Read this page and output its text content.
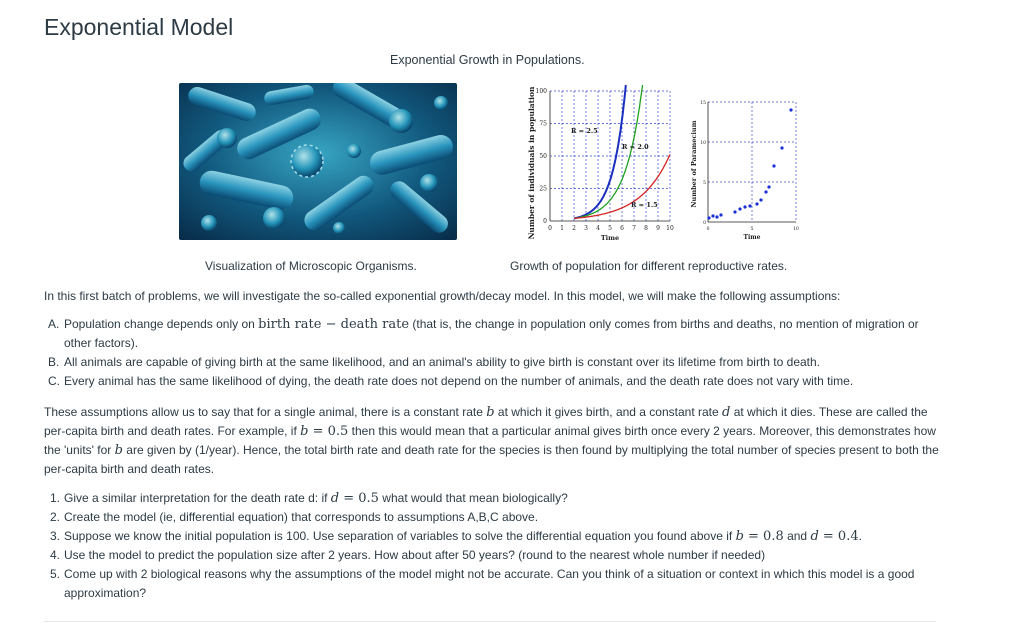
Exponential Model
Exponential Growth in Populations.
Number of individuals in population 0
25
50
75
100
0 1 2 3 4 5 6 7 8 9 10
Time
R = 2.5
R = 2.0
R = 1.5	Number of Paramecium
0
5
10
15
0	5	10
Time
Visualization of Microscopic Organisms.	Growth of population for different reproductive rates.

In this first batch of problems, we will investigate the so-called exponential growth/decay model. In this model, we will make the following assumptions:

A. Population change depends only on birth rate − death rate (that is, the change in population only comes from births and deaths, no mention of migration or other factors).
B. All animals are capable of giving birth at the same likelihood, and an animal's ability to give birth is constant over its lifetime from birth to death.
C. Every animal has the same likelihood of dying, the death rate does not depend on the number of animals, and the death rate does not vary with time.

These assumptions allow us to say that for a single animal, there is a constant rate b at which it gives birth, and a constant rate d at which it dies. These are called the per-capita birth and death rates. For example, if b = 0.5 then this would mean that a particular animal gives birth once every 2 years. Moreover, this demonstrates how the 'units' for b are given by (1/year). Hence, the total birth rate and death rate for the species is then found by multiplying the total number of species present to both the per-capita birth and death rates.

1. Give a similar interpretation for the death rate d: if d = 0.5 what would that mean biologically?
2. Create the model (ie, differential equation) that corresponds to assumptions A,B,C above.
3. Suppose we know the initial population is 100. Use separation of variables to solve the differential equation you found above if b = 0.8 and d = 0.4.
4. Use the model to predict the population size after 2 years. How about after 50 years? (round to the nearest whole number if needed)
5. Come up with 2 biological reasons why the assumptions of the model might not be accurate. Can you think of a situation or context in which this model is a good approximation?
